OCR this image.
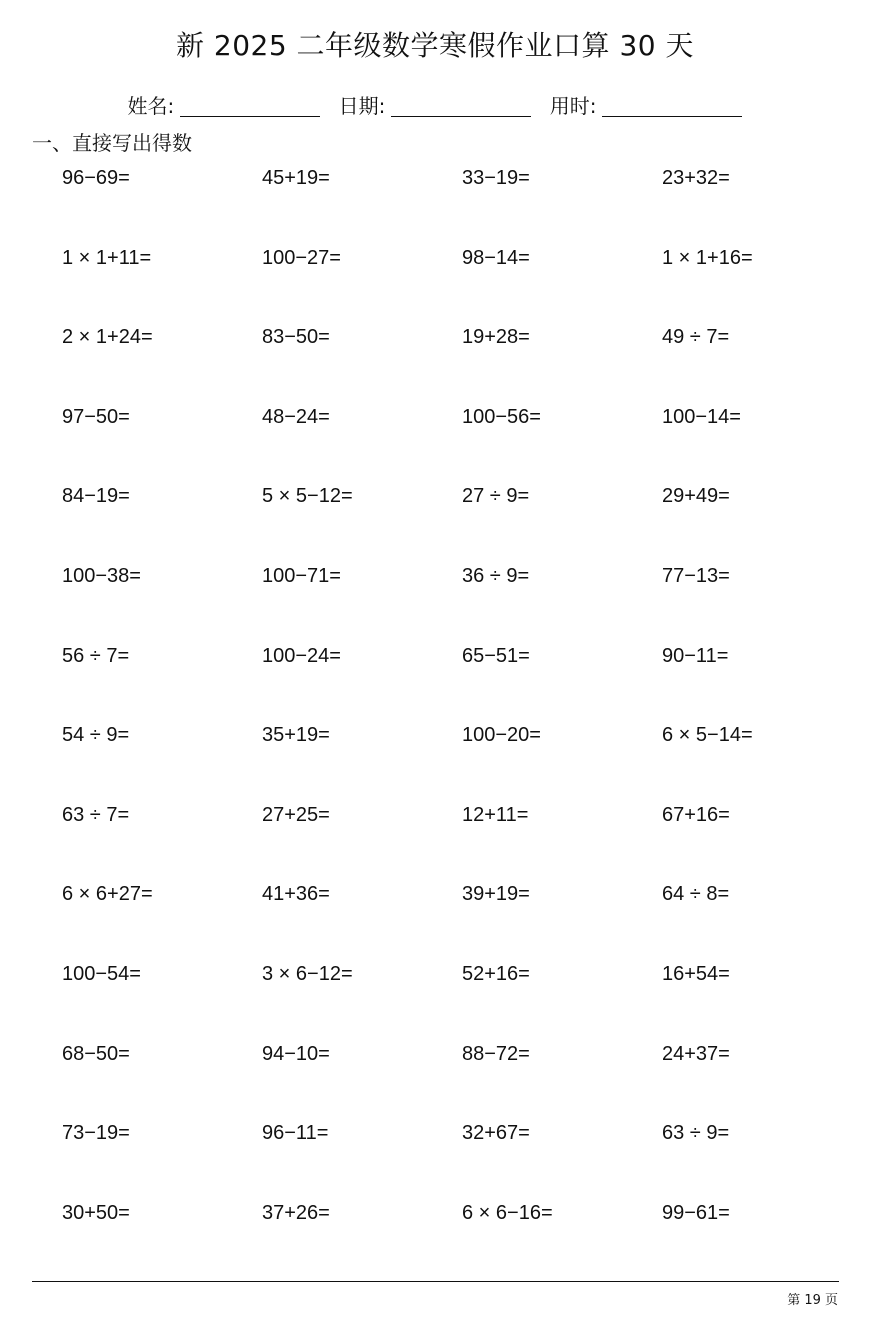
新 2025 二年级数学寒假作业口算 30 天
姓名:	日期:	用时:
一、直接写出得数
96−69=	45+19=	33−19=	23+32=
1 × 1+11=	100−27=	98−14=	1 × 1+16=
2 × 1+24=	83−50=	19+28=	49 ÷ 7=
97−50=	48−24=	100−56=	100−14=
84−19=	5 × 5−12=	27 ÷ 9=	29+49=
100−38=	100−71=	36 ÷ 9=	77−13=
56 ÷ 7=	100−24=	65−51=	90−11=
54 ÷ 9=	35+19=	100−20=	6 × 5−14=
63 ÷ 7=	27+25=	12+11=	67+16=
6 × 6+27=	41+36=	39+19=	64 ÷ 8=
100−54=	3 × 6−12=	52+16=	16+54=
68−50=	94−10=	88−72=	24+37=
73−19=	96−11=	32+67=	63 ÷ 9=
30+50=	37+26=	6 × 6−16=	99−61=
第 19 页
